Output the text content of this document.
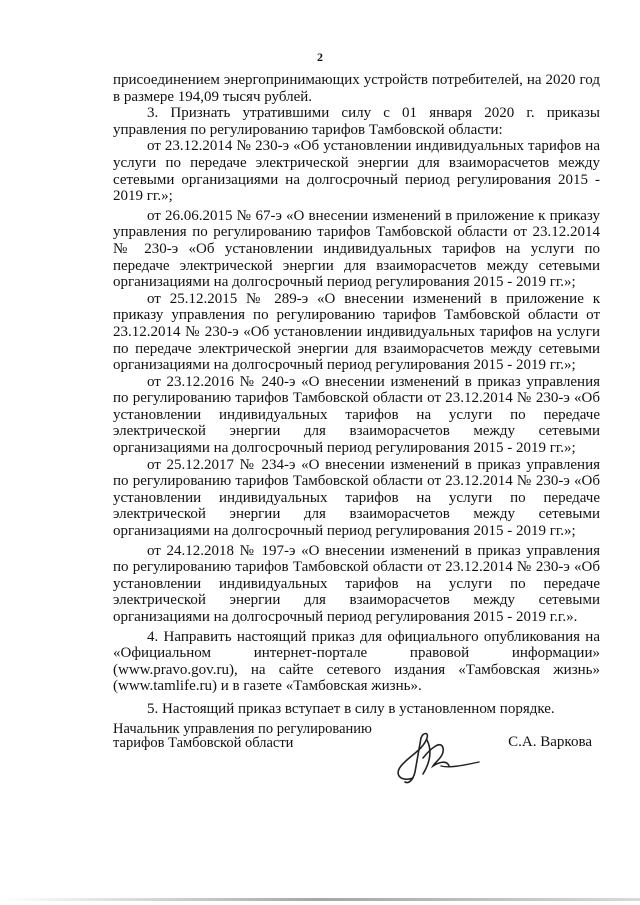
2

присоединением энергопринимающих устройств потребителей, на 2020 год в размере 194,09 тысяч рублей.

3. Признать утратившими силу с 01 января 2020 г. приказы управления по регулированию тарифов Тамбовской области:

от 23.12.2014 № 230-э «Об установлении индивидуальных тарифов на услуги по передаче электрической энергии для взаиморасчетов между сетевыми организациями на долгосрочный период регулирования 2015 - 2019 гг.»;

от 26.06.2015 № 67-э «О внесении изменений в приложение к приказу управления по регулированию тарифов Тамбовской области от 23.12.2014 № 230-э «Об установлении индивидуальных тарифов на услуги по передаче электрической энергии для взаиморасчетов между сетевыми организациями на долгосрочный период регулирования 2015 - 2019 гг.»;

от 25.12.2015 № 289-э «О внесении изменений в приложение к приказу управления по регулированию тарифов Тамбовской области от 23.12.2014 № 230-э «Об установлении индивидуальных тарифов на услуги по передаче электрической энергии для взаиморасчетов между сетевыми организациями на долгосрочный период регулирования 2015 - 2019 гг.»;

от 23.12.2016 № 240-э «О внесении изменений в приказ управления по регулированию тарифов Тамбовской области от 23.12.2014 № 230-э «Об установлении индивидуальных тарифов на услуги по передаче электрической энергии для взаиморасчетов между сетевыми организациями на долгосрочный период регулирования 2015 - 2019 гг.»;

от 25.12.2017 № 234-э «О внесении изменений в приказ управления по регулированию тарифов Тамбовской области от 23.12.2014 № 230-э «Об установлении индивидуальных тарифов на услуги по передаче электрической энергии для взаиморасчетов между сетевыми организациями на долгосрочный период регулирования 2015 - 2019 гг.»;

от 24.12.2018 № 197-э «О внесении изменений в приказ управления по регулированию тарифов Тамбовской области от 23.12.2014 № 230-э «Об установлении индивидуальных тарифов на услуги по передаче электрической энергии для взаиморасчетов между сетевыми организациями на долгосрочный период регулирования 2015 - 2019 г.г.».

4. Направить настоящий приказ для официального опубликования на «Официальном интернет-портале правовой информации» (www.pravo.gov.ru), на сайте сетевого издания «Тамбовская жизнь» (www.tamlife.ru) и в газете «Тамбовская жизнь».

5. Настоящий приказ вступает в силу в установленном порядке.

Начальник управления по регулированию
тарифов Тамбовской области	С.А. Варкова
